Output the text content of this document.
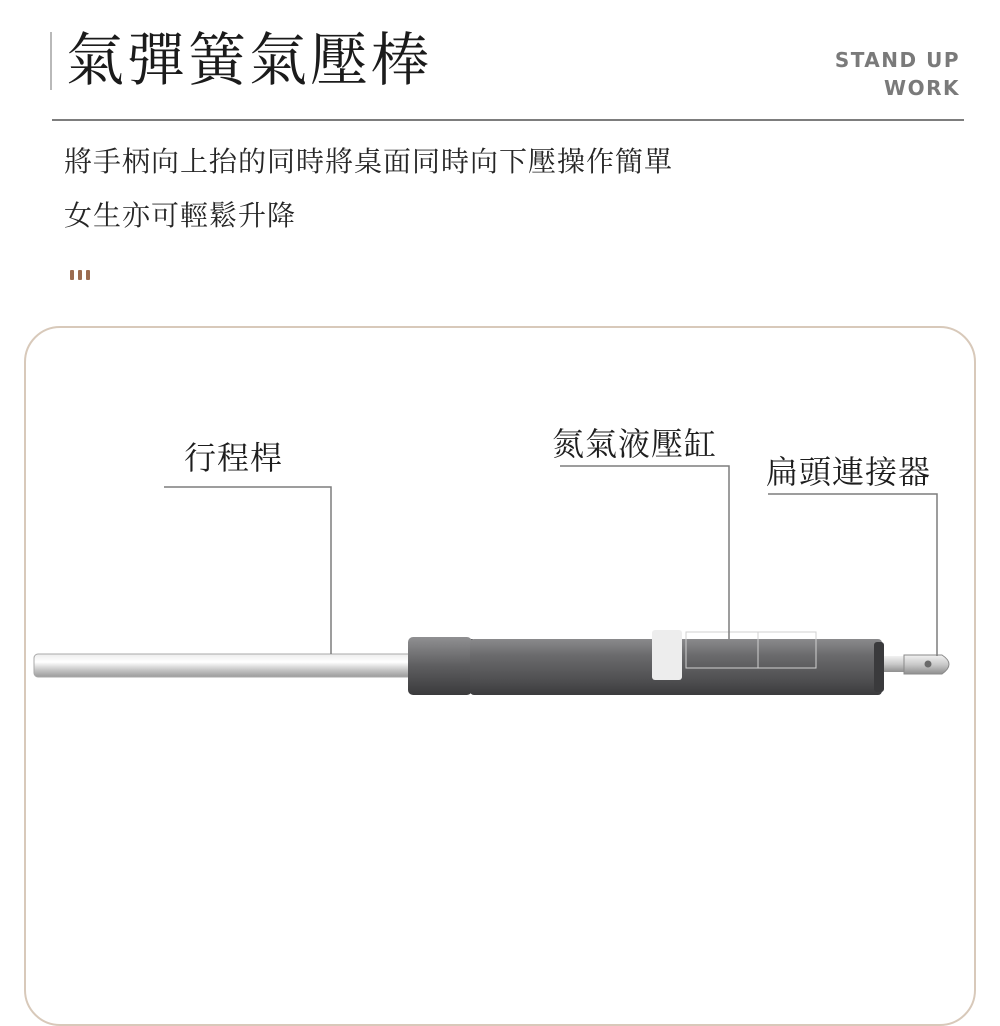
氣彈簧氣壓棒	STAND UP
WORK
將手柄向上抬的同時將桌面同時向下壓操作簡單
女生亦可輕鬆升降
行程桿	氮氣液壓缸
扁頭連接器
